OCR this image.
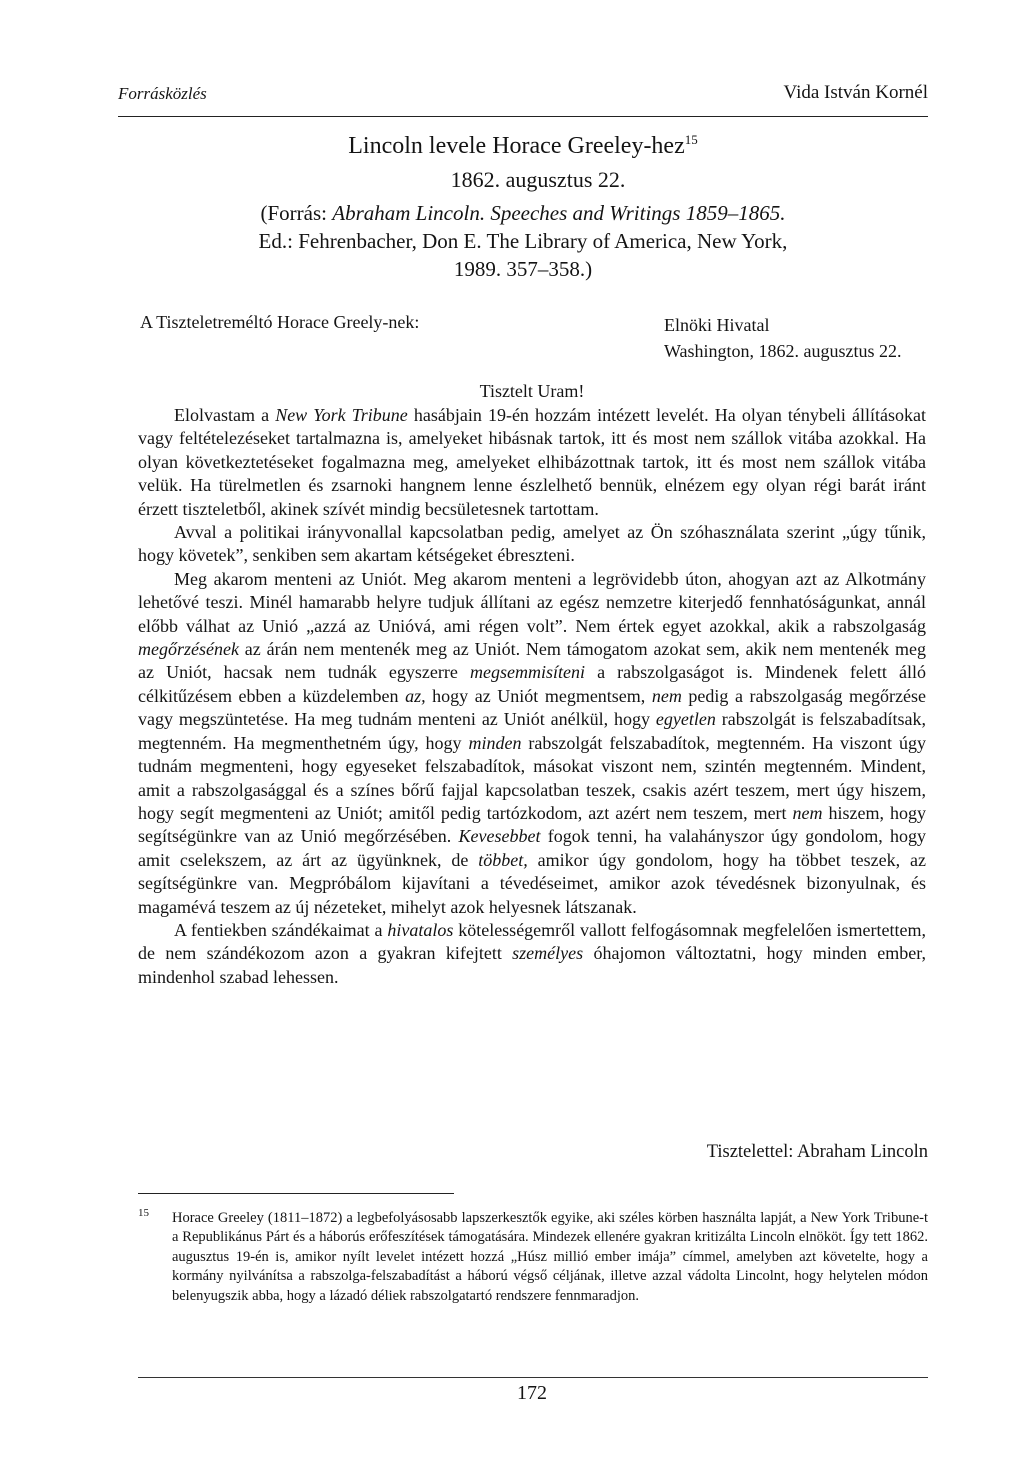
Forrásközlés	Vida István Kornél
Lincoln levele Horace Greeley-hez$^{15}$
1862. augusztus 22.
(Forrás: Abraham Lincoln. Speeches and Writings 1859–1865.
Ed.: Fehrenbacher, Don E. The Library of America, New York,
1989. 357–358.)
A Tiszteletreméltó Horace Greely-nek:	Elnöki Hivatal
Washington, 1862. augusztus 22.
Tisztelt Uram!

Elolvastam a New York Tribune hasábjain 19-én hozzám intézett levelét. Ha olyan ténybeli állításokat vagy feltételezéseket tartalmazna is, amelyeket hibásnak tartok, itt és most nem szállok vitába azokkal. Ha olyan következtetéseket fogalmazna meg, amelyeket elhibázottnak tartok, itt és most nem szállok vitába velük. Ha türelmetlen és zsarnoki hangnem lenne észlelhető bennük, elnézem egy olyan régi barát iránt érzett tiszteletből, akinek szívét mindig becsületesnek tartottam.

Avval a politikai irányvonallal kapcsolatban pedig, amelyet az Ön szóhasználata szerint „úgy tűnik, hogy követek”, senkiben sem akartam kétségeket ébreszteni.

Meg akarom menteni az Uniót. Meg akarom menteni a legrövidebb úton, ahogyan azt az Alkotmány lehetővé teszi. Minél hamarabb helyre tudjuk állítani az egész nemzetre kiterjedő fennhatóságunkat, annál előbb válhat az Unió „azzá az Unióvá, ami régen volt”. Nem értek egyet azokkal, akik a rabszolgaság megőrzésének az árán nem mentenék meg az Uniót. Nem támogatom azokat sem, akik nem mentenék meg az Uniót, hacsak nem tudnák egyszerre megsemmisíteni a rabszolgaságot is. Mindenek felett álló célkitűzésem ebben a küzdelemben az, hogy az Uniót megmentsem, nem pedig a rabszolgaság megőrzése vagy megszüntetése. Ha meg tudnám menteni az Uniót anélkül, hogy egyetlen rabszolgát is felszabadítsak, megtenném. Ha megmenthetném úgy, hogy minden rabszolgát felszabadítok, megtenném. Ha viszont úgy tudnám megmenteni, hogy egyeseket felszabadítok, másokat viszont nem, szintén megtenném. Mindent, amit a rabszolgasággal és a színes bőrű fajjal kapcsolatban teszek, csakis azért teszem, mert úgy hiszem, hogy segít megmenteni az Uniót; amitől pedig tartózkodom, azt azért nem teszem, mert nem hiszem, hogy segítségünkre van az Unió megőrzésében. Kevesebbet fogok tenni, ha valahányszor úgy gondolom, hogy amit cselekszem, az árt az ügyünknek, de többet, amikor úgy gondolom, hogy ha többet teszek, az segítségünkre van. Megpróbálom kijavítani a tévedéseimet, amikor azok tévedésnek bizonyulnak, és magamévá teszem az új nézeteket, mihelyt azok helyesnek látszanak.

A fentiekben szándékaimat a hivatalos kötelességemről vallott felfogásomnak megfelelően ismertettem, de nem szándékozom azon a gyakran kifejtett személyes óhajomon változtatni, hogy minden ember, mindenhol szabad lehessen.

Tisztelettel: Abraham Lincoln
15 Horace Greeley (1811–1872) a legbefolyásosabb lapszerkesztők egyike, aki széles körben használta lapját, a New York Tribune-t a Republikánus Párt és a háborús erőfeszítések támogatására. Mindezek ellenére gyakran kritizálta Lincoln elnököt. Így tett 1862. augusztus 19-én is, amikor nyílt levelet intézett hozzá „Húsz millió ember imája” címmel, amelyben azt követelte, hogy a kormány nyilvánítsa a rabszolga-felszabadítást a háború végső céljának, illetve azzal vádolta Lincolnt, hogy helytelen módon belenyugszik abba, hogy a lázadó déliek rabszolgatartó rendszere fennmaradjon.
172
